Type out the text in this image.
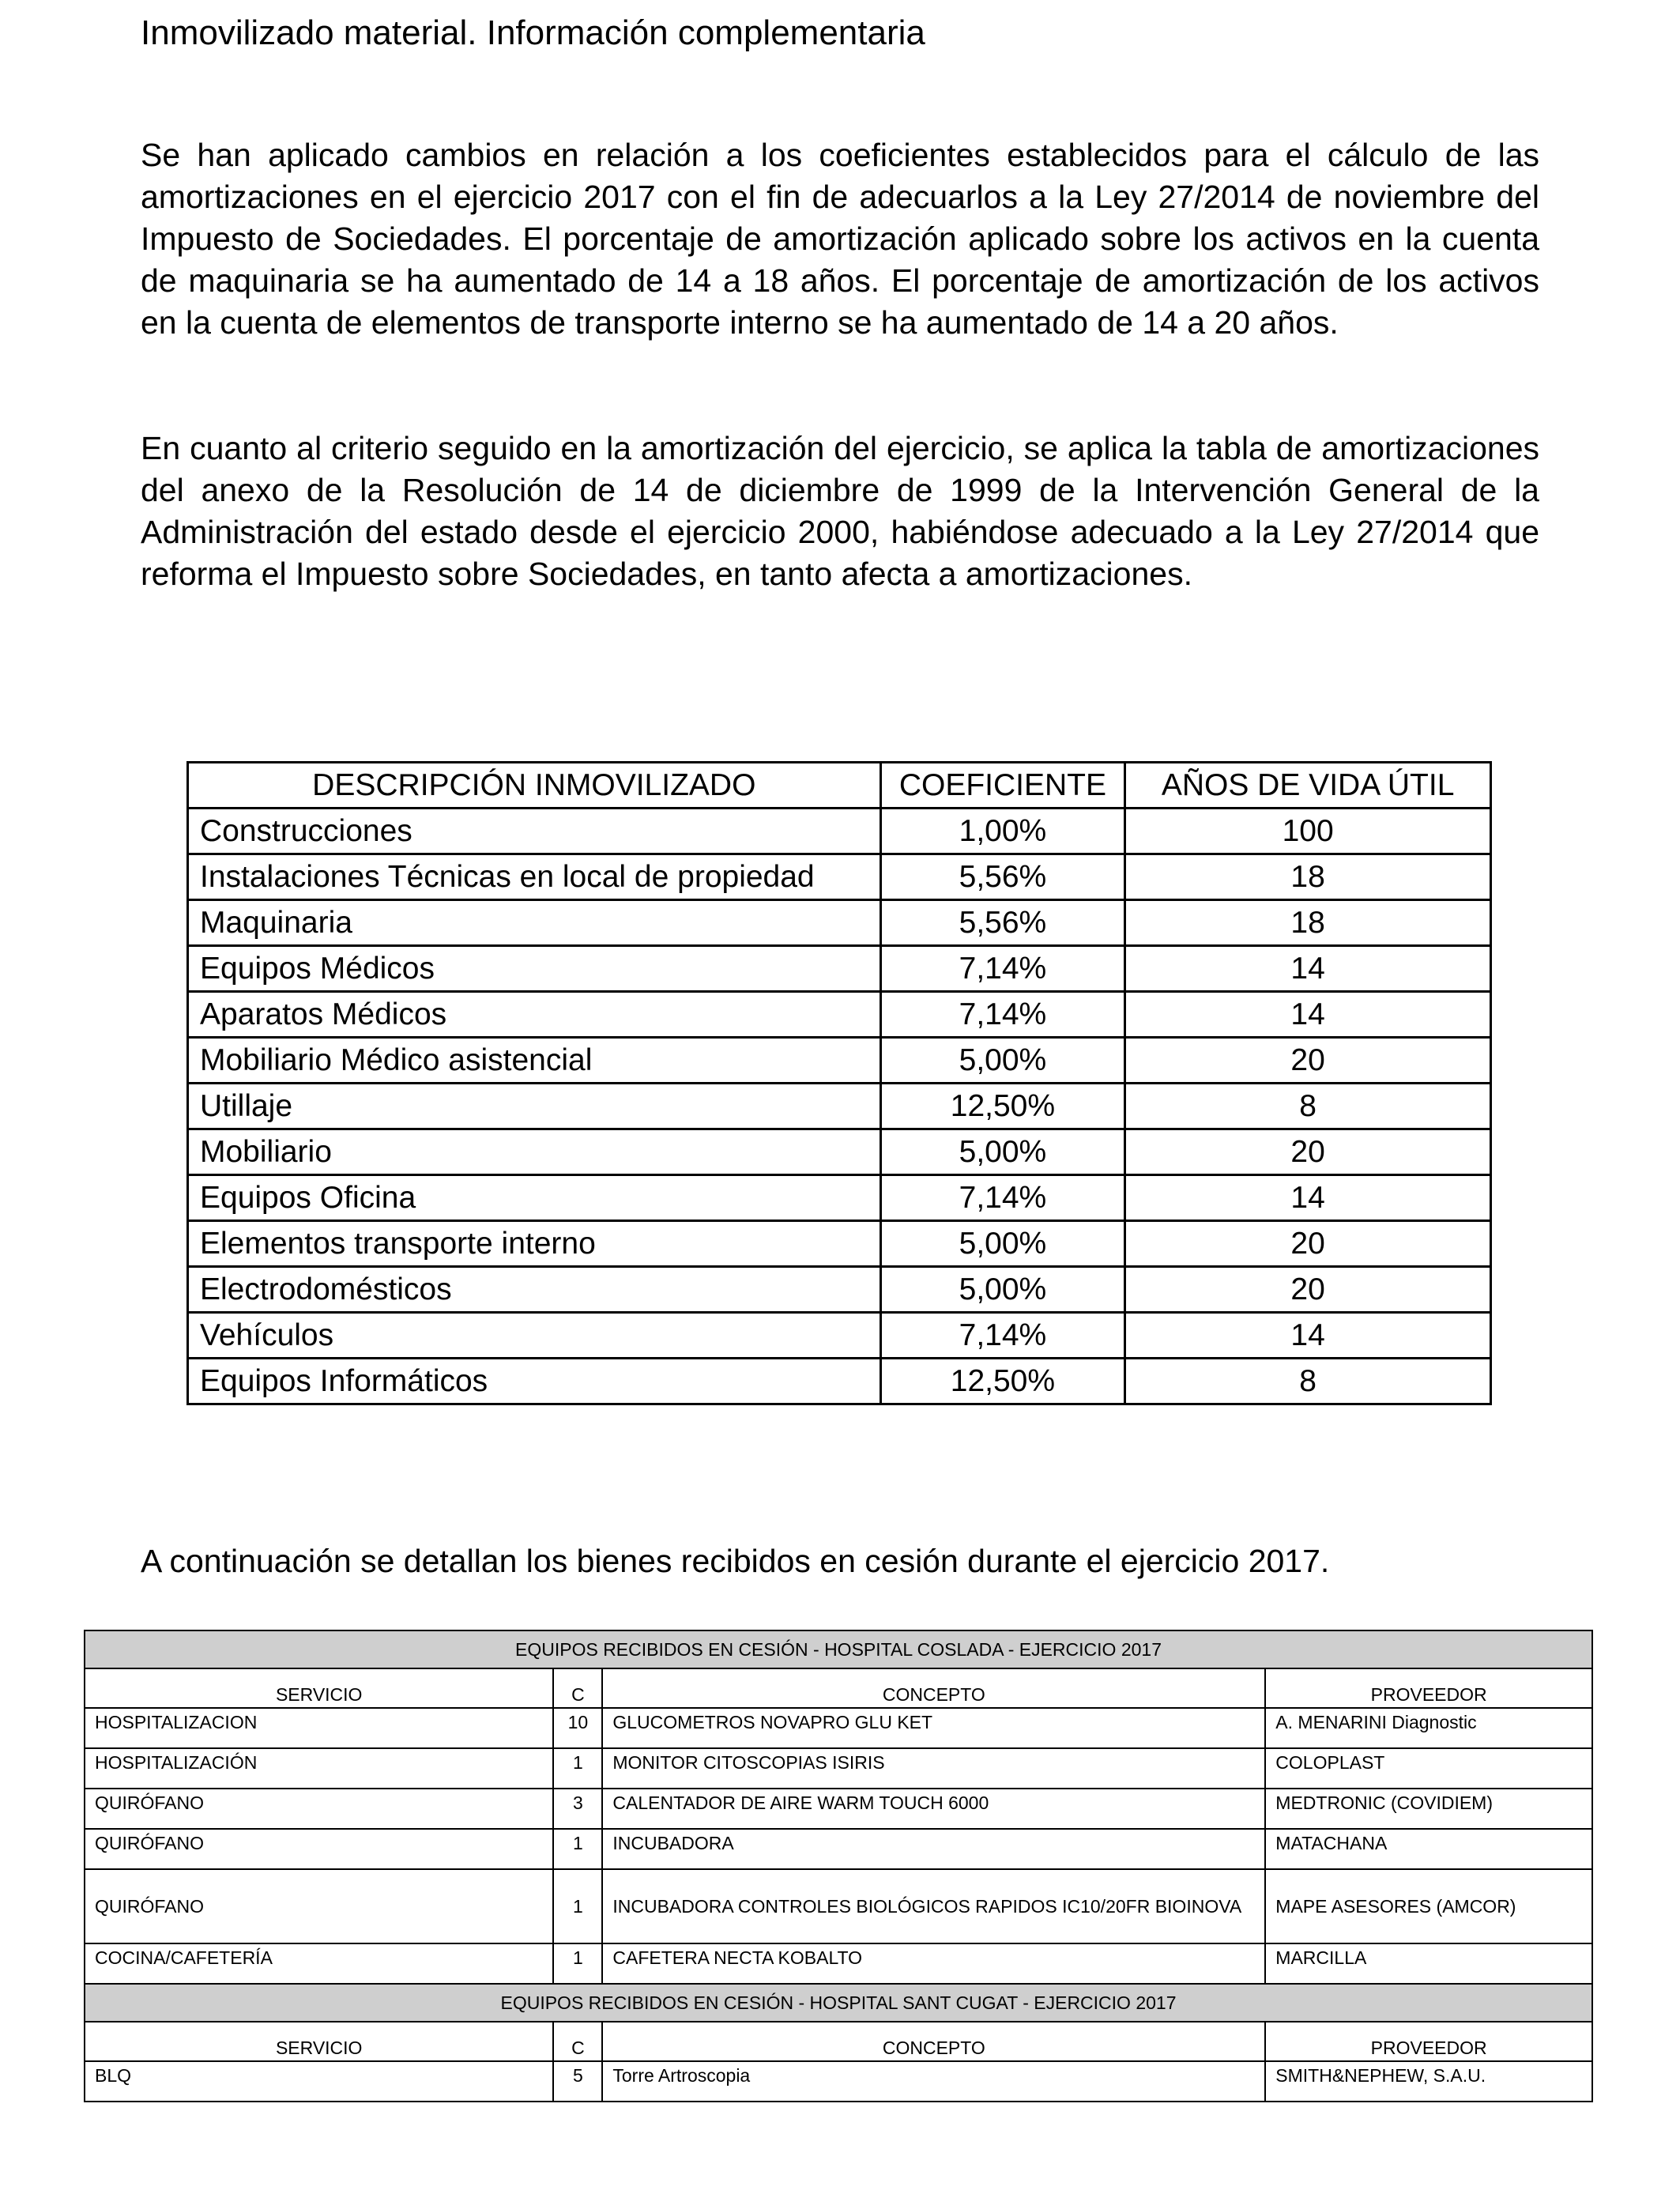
Inmovilizado material. Información complementaria

Se han aplicado cambios en relación a los coeficientes establecidos para el cálculo de las amortizaciones en el ejercicio 2017 con el fin de adecuarlos a la Ley 27/2014 de noviembre del Impuesto de Sociedades. El porcentaje de amortización aplicado sobre los activos en la cuenta de maquinaria se ha aumentado de 14 a 18 años. El porcentaje de amortización de los activos en la cuenta de elementos de transporte interno se ha aumentado de 14 a 20 años.

En cuanto al criterio seguido en la amortización del ejercicio, se aplica la tabla de amortizaciones del anexo de la Resolución de 14 de diciembre de 1999 de la Intervención General de la Administración del estado desde el ejercicio 2000, habiéndose adecuado a la Ley 27/2014 que reforma el Impuesto sobre Sociedades, en tanto afecta a amortizaciones.

DESCRIPCIÓN INMOVILIZADO	COEFICIENTE	AÑOS DE VIDA ÚTIL
Construcciones	1,00%	100
Instalaciones Técnicas en local de propiedad	5,56%	18
Maquinaria	5,56%	18
Equipos Médicos	7,14%	14
Aparatos Médicos	7,14%	14
Mobiliario Médico asistencial	5,00%	20
Utillaje	12,50%	8
Mobiliario	5,00%	20
Equipos Oficina	7,14%	14
Elementos transporte interno	5,00%	20
Electrodomésticos	5,00%	20
Vehículos	7,14%	14
Equipos Informáticos	12,50%	8

A continuación se detallan los bienes recibidos en cesión durante el ejercicio 2017.

EQUIPOS RECIBIDOS EN CESIÓN - HOSPITAL COSLADA - EJERCICIO 2017			
SERVICIO	C	CONCEPTO	PROVEEDOR
HOSPITALIZACION	10	GLUCOMETROS NOVAPRO GLU KET	A. MENARINI Diagnostic
HOSPITALIZACIÓN	1	MONITOR CITOSCOPIAS ISIRIS	COLOPLAST
QUIRÓFANO	3	CALENTADOR DE AIRE WARM TOUCH 6000	MEDTRONIC (COVIDIEM)
QUIRÓFANO	1	INCUBADORA	MATACHANA
QUIRÓFANO	1	INCUBADORA CONTROLES BIOLÓGICOS RAPIDOS IC10/20FR BIOINOVA	MAPE ASESORES (AMCOR)
COCINA/CAFETERÍA	1	CAFETERA NECTA KOBALTO	MARCILLA
EQUIPOS RECIBIDOS EN CESIÓN - HOSPITAL SANT CUGAT - EJERCICIO 2017			
SERVICIO	C	CONCEPTO	PROVEEDOR
BLQ	5	Torre Artroscopia	SMITH&NEPHEW, S.A.U.
